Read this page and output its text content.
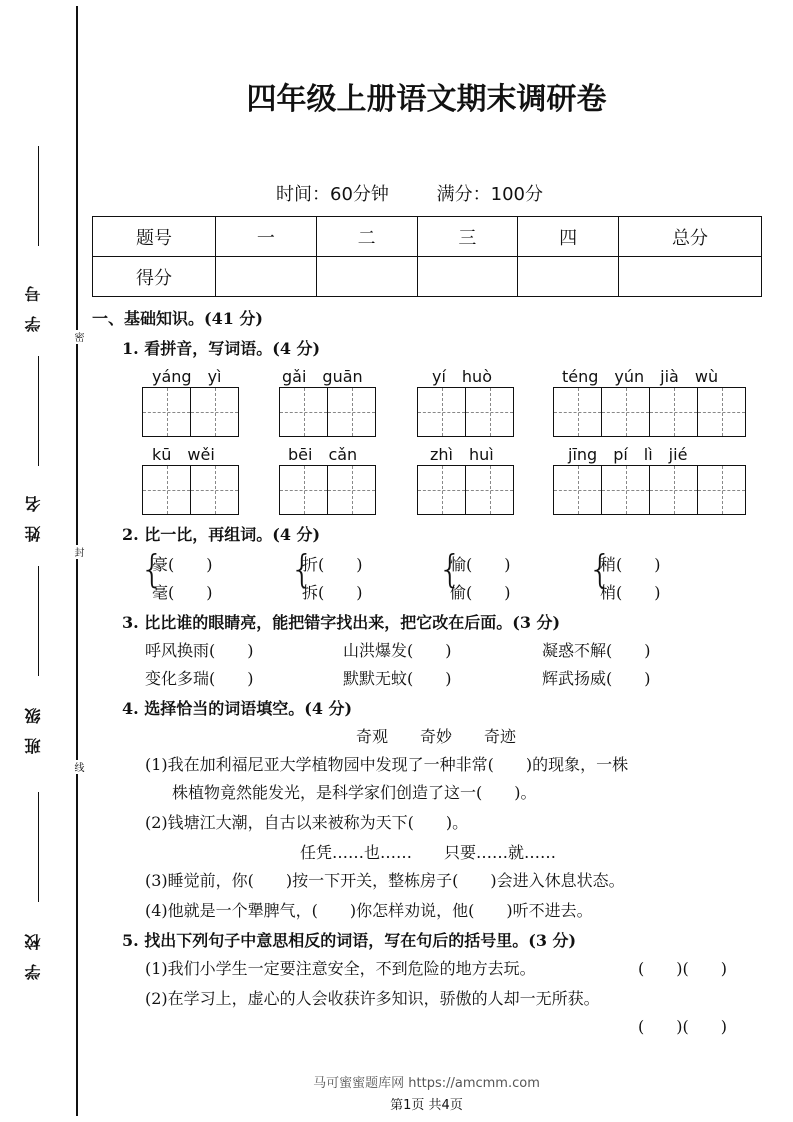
学号
姓名
班级
学校
密
封
线
四年级上册语文期末调研卷
时间：60分钟	满分：100分
题号	一	二	三	四	总分
得分					
一、基础知识。(41 分)
1. 看拼音，写词语。(4 分)
yáng　yì	gǎi　guān	yí　huò	téng　yún　jià　wù
kū　wěi	bēi　cǎn	zhì　huì	jīng　pí　lì　jié
2. 比一比，再组词。(4 分)
{
豪(　　)
毫(　　)
{
折(　　)
拆(　　)
{
愉(　　)
偷(　　)
{
稍(　　)
梢(　　)
3. 比比谁的眼睛亮，能把错字找出来，把它改在后面。(3 分)
呼风换雨(　　)	山洪爆发(　　)	凝惑不解(　　)
变化多瑞(　　)	默默无蚊(　　)	辉武扬威(　　)
4. 选择恰当的词语填空。(4 分)
奇观　　奇妙　　奇迹
(1)我在加利福尼亚大学植物园中发现了一种非常(　　)的现象，一株
株植物竟然能发光，是科学家们创造了这一(　　)。
(2)钱塘江大潮，自古以来被称为天下(　　)。
任凭……也……　　只要……就……
(3)睡觉前，你(　　)按一下开关，整栋房子(　　)会进入休息状态。
(4)他就是一个犟脾气，(　　)你怎样劝说，他(　　)听不进去。
5. 找出下列句子中意思相反的词语，写在句后的括号里。(3 分)
(1)我们小学生一定要注意安全，不到危险的地方去玩。	(　　)(　　)
(2)在学习上，虚心的人会收获许多知识，骄傲的人却一无所获。
(　　)(　　)
马可蜜蜜题库网 https://amcmm.com
第1页 共4页
